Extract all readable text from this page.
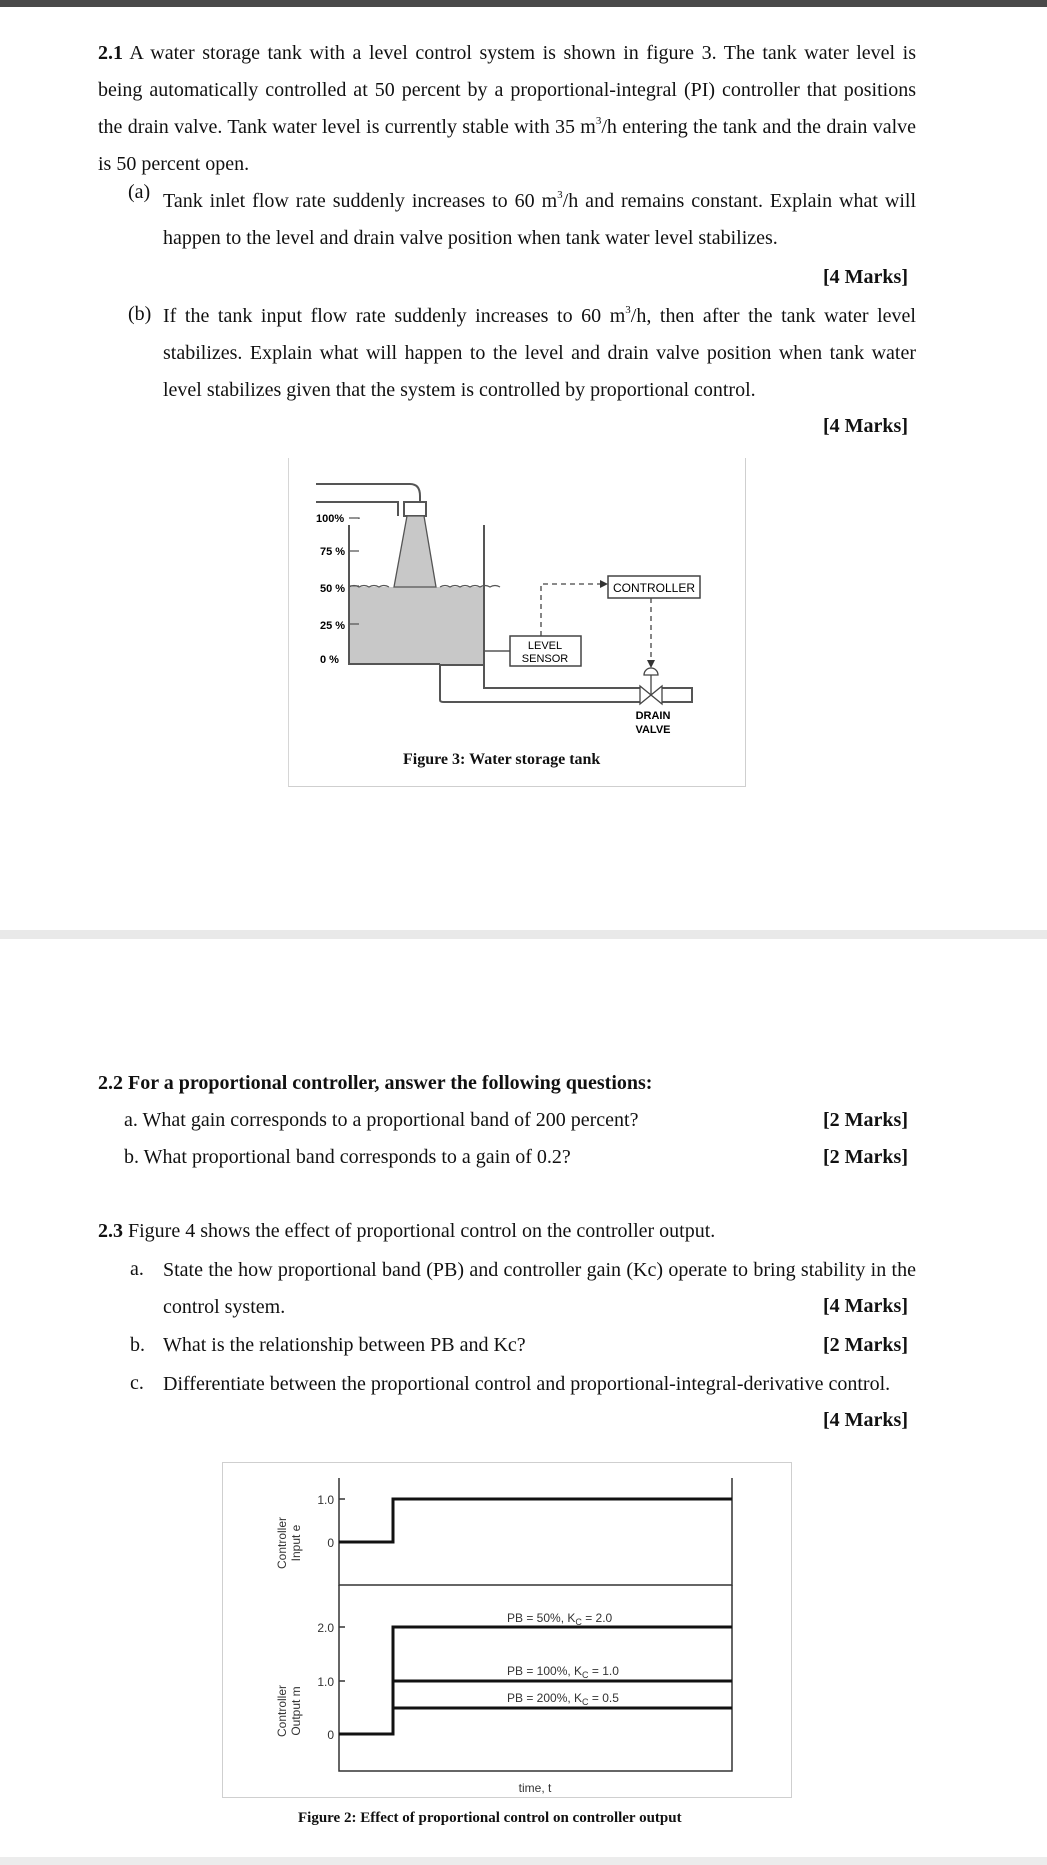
2.1 A water storage tank with a level control system is shown in figure 3. The tank water level is being automatically controlled at 50 percent by a proportional-integral (PI) controller that positions the drain valve. Tank water level is currently stable with 35 $m^3/h$ entering the tank and the drain valve is 50 percent open.
(a) Tank inlet flow rate suddenly increases to 60 $m^3/h$ and remains constant. Explain what will happen to the level and drain valve position when tank water level stabilizes.
[4 Marks]
(b) If the tank input flow rate suddenly increases to 60 $m^3/h$, then after the tank water level stabilizes. Explain what will happen to the level and drain valve position when tank water level stabilizes given that the system is controlled by proportional control.
[4 Marks]
100%
75 %
50 %
25 %
0 %
LEVEL
SENSOR
CONTROLLER
DRAIN
VALVE
Figure 3: Water storage tank
2.2 For a proportional controller, answer the following questions:
a. What gain corresponds to a proportional band of 200 percent?	[2 Marks]
b. What proportional band corresponds to a gain of 0.2?	[2 Marks]
2.3 Figure 4 shows the effect of proportional control on the controller output.
a. State the how proportional band (PB) and controller gain (Kc) operate to bring stability in the control system.	[4 Marks]
b. What is the relationship between PB and Kc?	[2 Marks]
c. Differentiate between the proportional control and proportional-integral-derivative control.
[4 Marks]
1.0
0
Controller Input e
2.0
1.0
0
PB = 50%, $K_C = 2.0$
PB = 100%, $K_C = 1.0$
PB = 200%, $K_C = 0.5$
Controller Output m
time, t
Figure 2: Effect of proportional control on controller output
